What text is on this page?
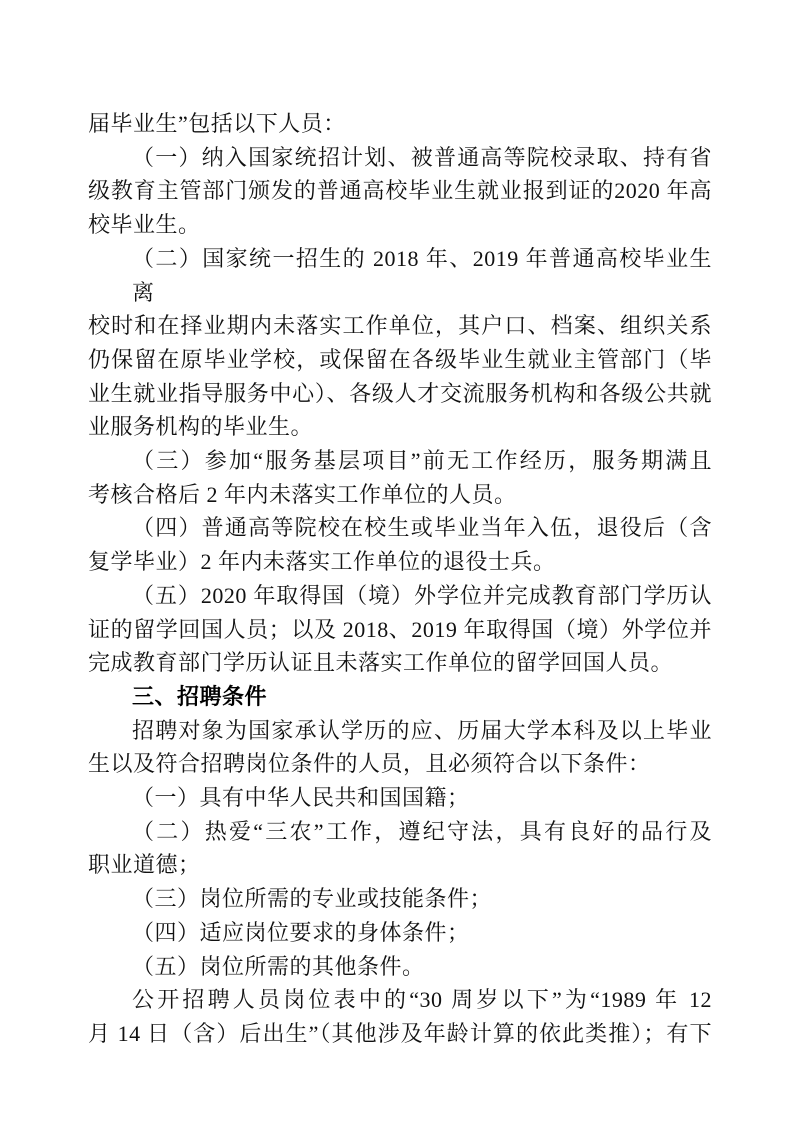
届毕业生”包括以下人员：
（一）纳入国家统招计划、被普通高等院校录取、持有省
级教育主管部门颁发的普通高校毕业生就业报到证的2020 年高
校毕业生。
（二）国家统一招生的 2018 年、2019 年普通高校毕业生离
校时和在择业期内未落实工作单位，其户口、档案、组织关系
仍保留在原毕业学校，或保留在各级毕业生就业主管部门（毕
业生就业指导服务中心）、各级人才交流服务机构和各级公共就
业服务机构的毕业生。
（三）参加“服务基层项目”前无工作经历，服务期满且
考核合格后 2 年内未落实工作单位的人员。
（四）普通高等院校在校生或毕业当年入伍，退役后（含
复学毕业）2 年内未落实工作单位的退役士兵。
（五）2020 年取得国（境）外学位并完成教育部门学历认
证的留学回国人员；以及 2018、2019 年取得国（境）外学位并
完成教育部门学历认证且未落实工作单位的留学回国人员。
三、招聘条件
招聘对象为国家承认学历的应、历届大学本科及以上毕业
生以及符合招聘岗位条件的人员，且必须符合以下条件：
（一）具有中华人民共和国国籍；
（二）热爱“三农”工作，遵纪守法，具有良好的品行及
职业道德；
（三）岗位所需的专业或技能条件；
（四）适应岗位要求的身体条件；
（五）岗位所需的其他条件。
公开招聘人员岗位表中的“30 周岁以下”为“1989 年 12
月 14 日（含）后出生”（其他涉及年龄计算的依此类推）；有下
